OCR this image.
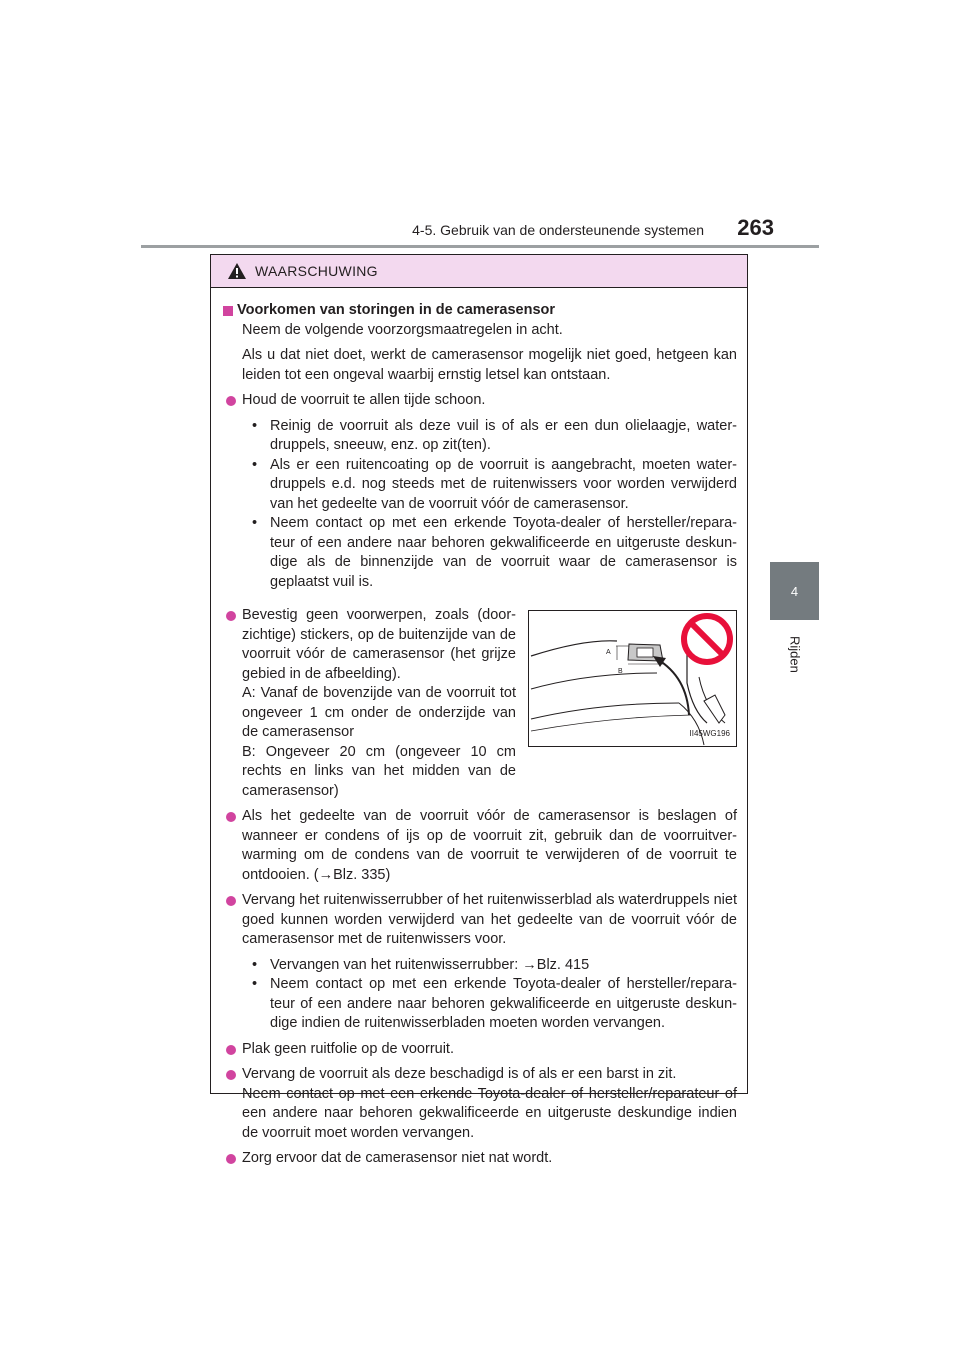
4-5. Gebruik van de ondersteunende systemen	263
4
Rijden
WAARSCHUWING

Voorkomen van storingen in de camerasensor

Neem de volgende voorzorgsmaatregelen in acht.

Als u dat niet doet, werkt de camerasensor mogelijk niet goed, hetgeen kan leiden tot een ongeval waarbij ernstig letsel kan ontstaan.

Houd de voorruit te allen tijde schoon.

• Reinig de voorruit als deze vuil is of als er een dun olielaagje, water-druppels, sneeuw, enz. op zit(ten).

• Als er een ruitencoating op de voorruit is aangebracht, moeten water-druppels e.d. nog steeds met de ruitenwissers voor worden verwijderd van het gedeelte van de voorruit vóór de camerasensor.

• Neem contact op met een erkende Toyota-dealer of hersteller/repara-teur of een andere naar behoren gekwalificeerde en uitgeruste deskun-dige als de binnenzijde van de voorruit waar de camerasensor is geplaatst vuil is.

Bevestig geen voorwerpen, zoals (door-zichtige) stickers, op de buitenzijde van de voorruit vóór de camerasensor (het grijze gebied in de afbeelding).
A: Vanaf de bovenzijde van de voorruit tot ongeveer 1 cm onder de onderzijde van de camerasensor
B: Ongeveer 20 cm (ongeveer 10 cm rechts en links van het midden van de camerasensor)
A
B
II45WG196

Als het gedeelte van de voorruit vóór de camerasensor is beslagen of wanneer er condens of ijs op de voorruit zit, gebruik dan de voorruitver-warming om de condens van de voorruit te verwijderen of de voorruit te ontdooien. (→Blz. 335)

Vervang het ruitenwisserrubber of het ruitenwisserblad als waterdruppels niet goed kunnen worden verwijderd van het gedeelte van de voorruit vóór de camerasensor met de ruitenwissers voor.

• Vervangen van het ruitenwisserrubber: →Blz. 415

• Neem contact op met een erkende Toyota-dealer of hersteller/repara-teur of een andere naar behoren gekwalificeerde en uitgeruste deskun-dige indien de ruitenwisserbladen moeten worden vervangen.

Plak geen ruitfolie op de voorruit.

Vervang de voorruit als deze beschadigd is of als er een barst in zit.
Neem contact op met een erkende Toyota-dealer of hersteller/reparateur of een andere naar behoren gekwalificeerde en uitgeruste deskundige indien de voorruit moet worden vervangen.

Zorg ervoor dat de camerasensor niet nat wordt.
